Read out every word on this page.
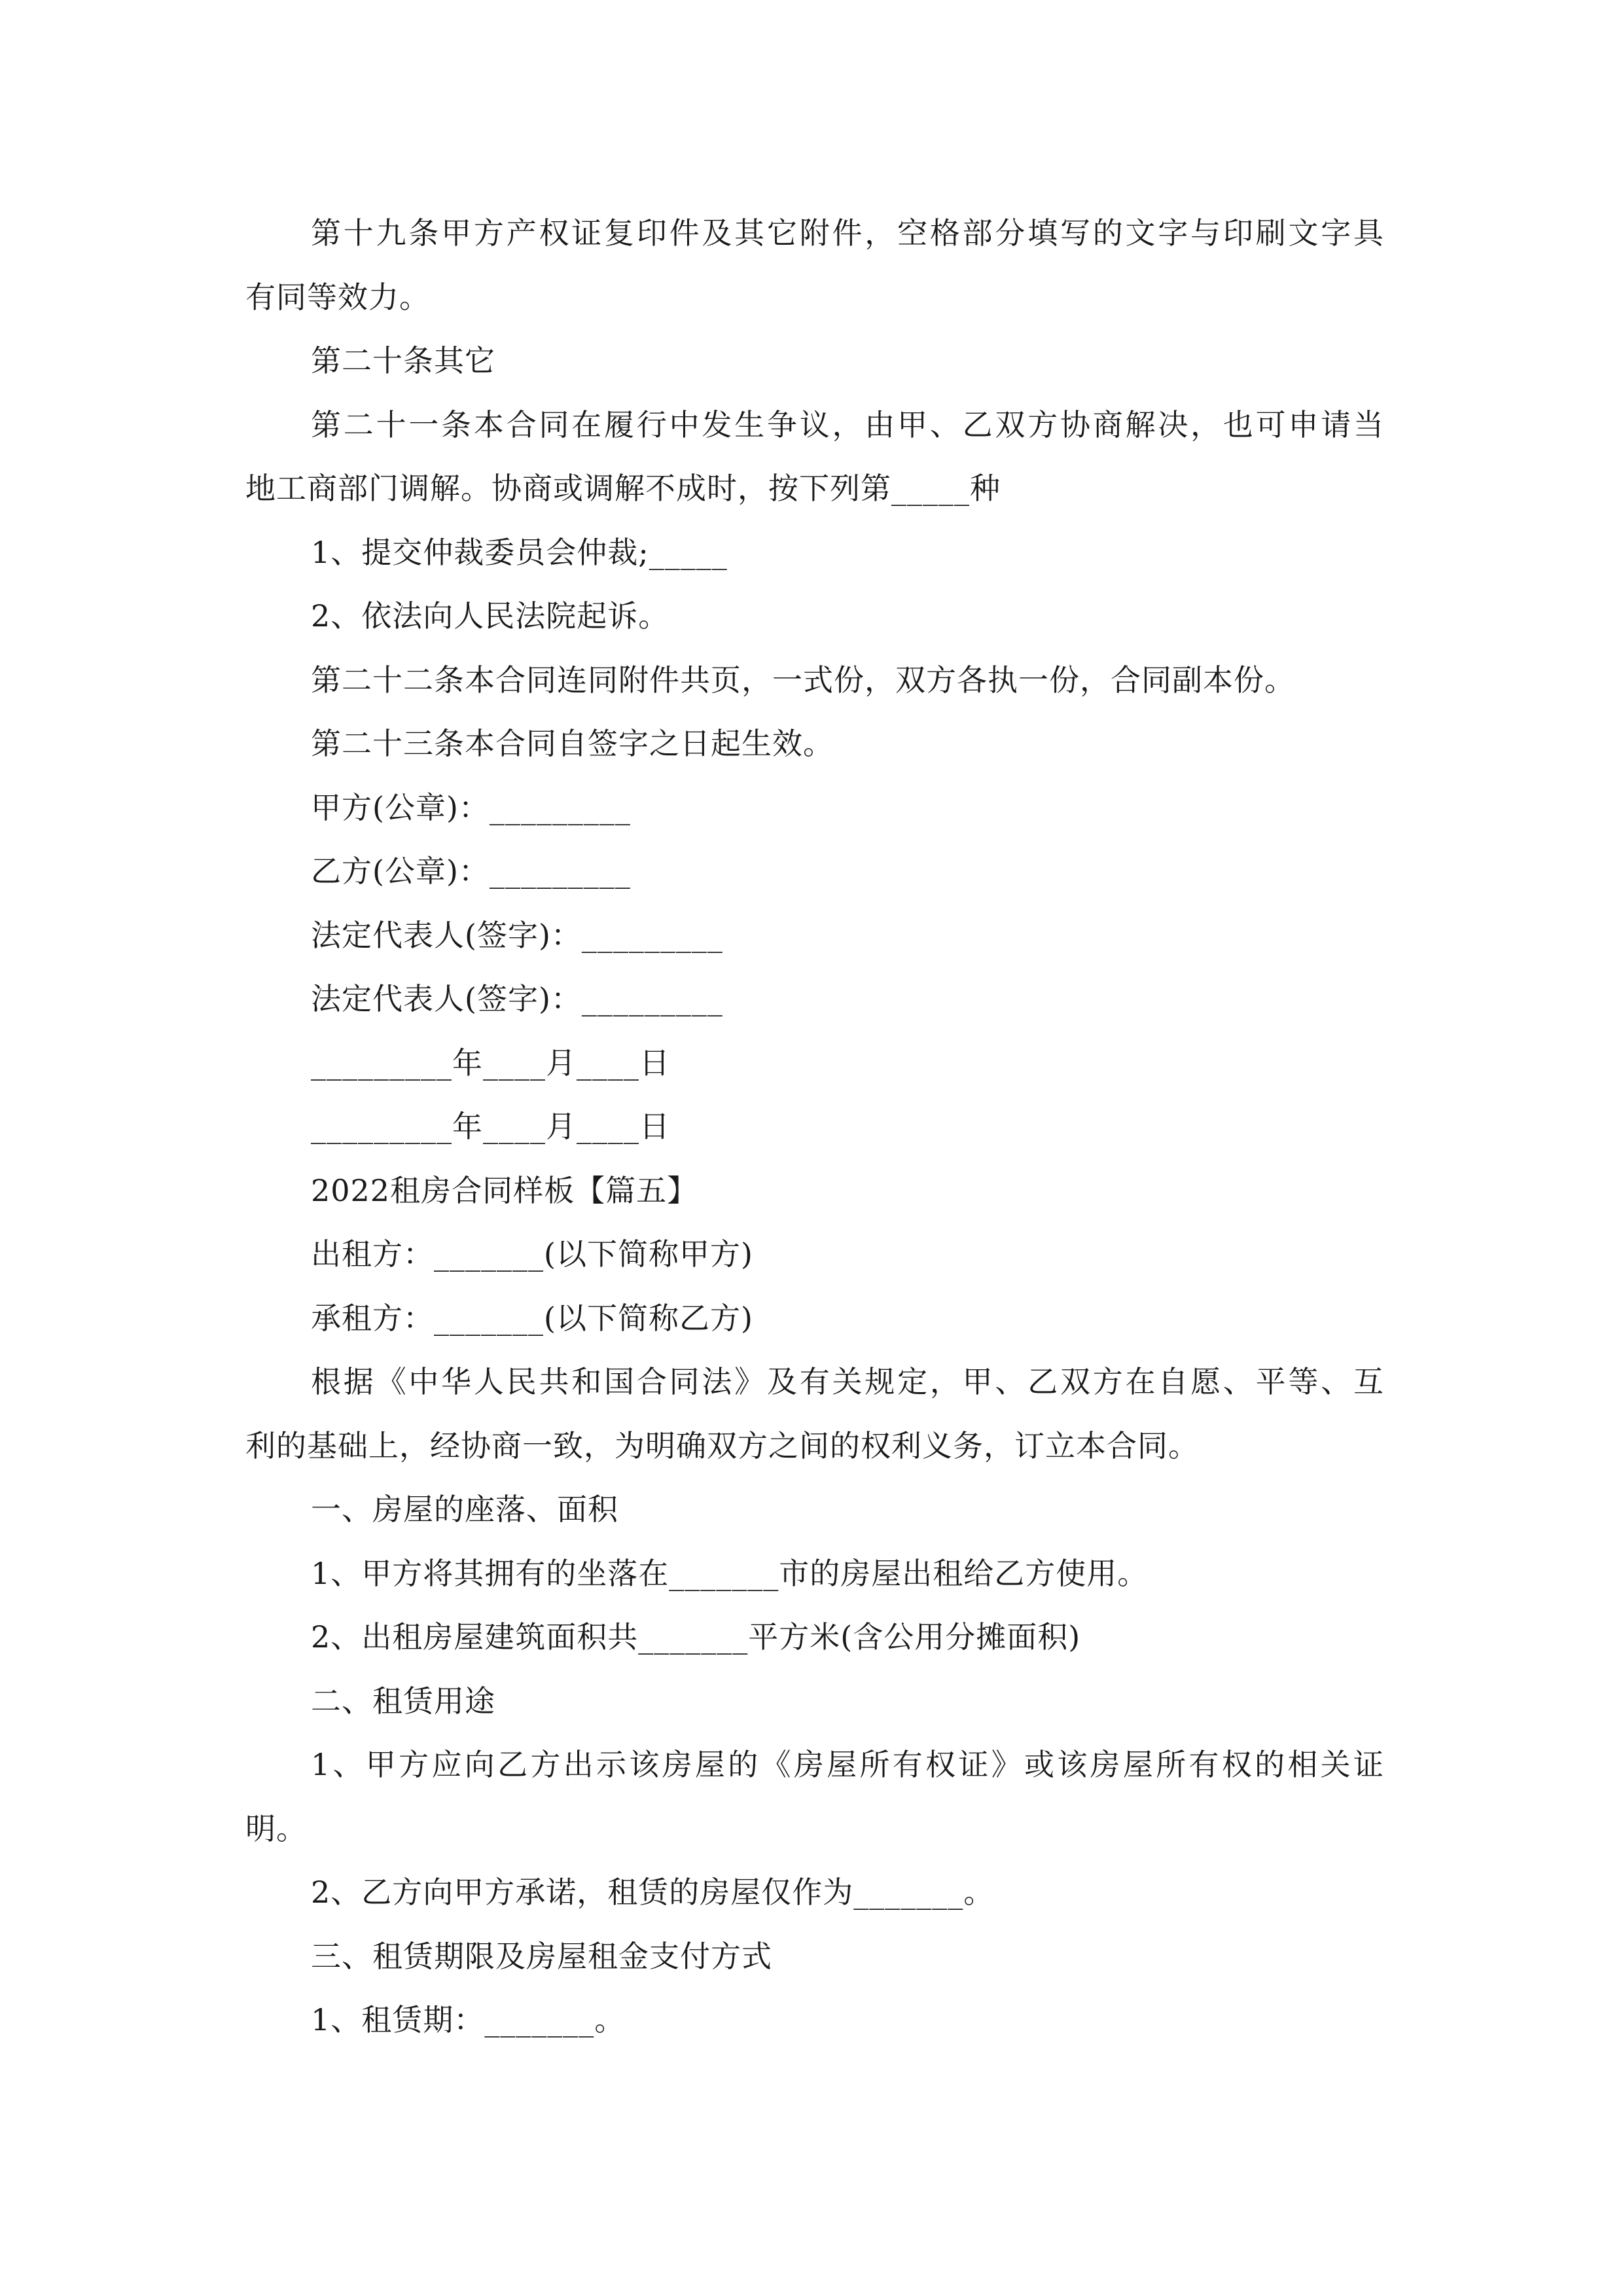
第十九条甲方产权证复印件及其它附件，空格部分填写的文字与印刷文字具
有同等效力。
第二十条其它
第二十一条本合同在履行中发生争议，由甲、乙双方协商解决，也可申请当
地工商部门调解。协商或调解不成时，按下列第_____种
1、提交仲裁委员会仲裁;_____
2、依法向人民法院起诉。
第二十二条本合同连同附件共页，一式份，双方各执一份，合同副本份。
第二十三条本合同自签字之日起生效。
甲方(公章)：_________
乙方(公章)：_________
法定代表人(签字)：_________
法定代表人(签字)：_________
_________年____月____日
_________年____月____日
2022租房合同样板【篇五】
出租方：_______(以下简称甲方)
承租方：_______(以下简称乙方)
根据《中华人民共和国合同法》及有关规定，甲、乙双方在自愿、平等、互
利的基础上，经协商一致，为明确双方之间的权利义务，订立本合同。
一、房屋的座落、面积
1、甲方将其拥有的坐落在_______市的房屋出租给乙方使用。
2、出租房屋建筑面积共_______平方米(含公用分摊面积)
二、租赁用途
1、甲方应向乙方出示该房屋的《房屋所有权证》或该房屋所有权的相关证
明。
2、乙方向甲方承诺，租赁的房屋仅作为_______。
三、租赁期限及房屋租金支付方式
1、租赁期：_______。
